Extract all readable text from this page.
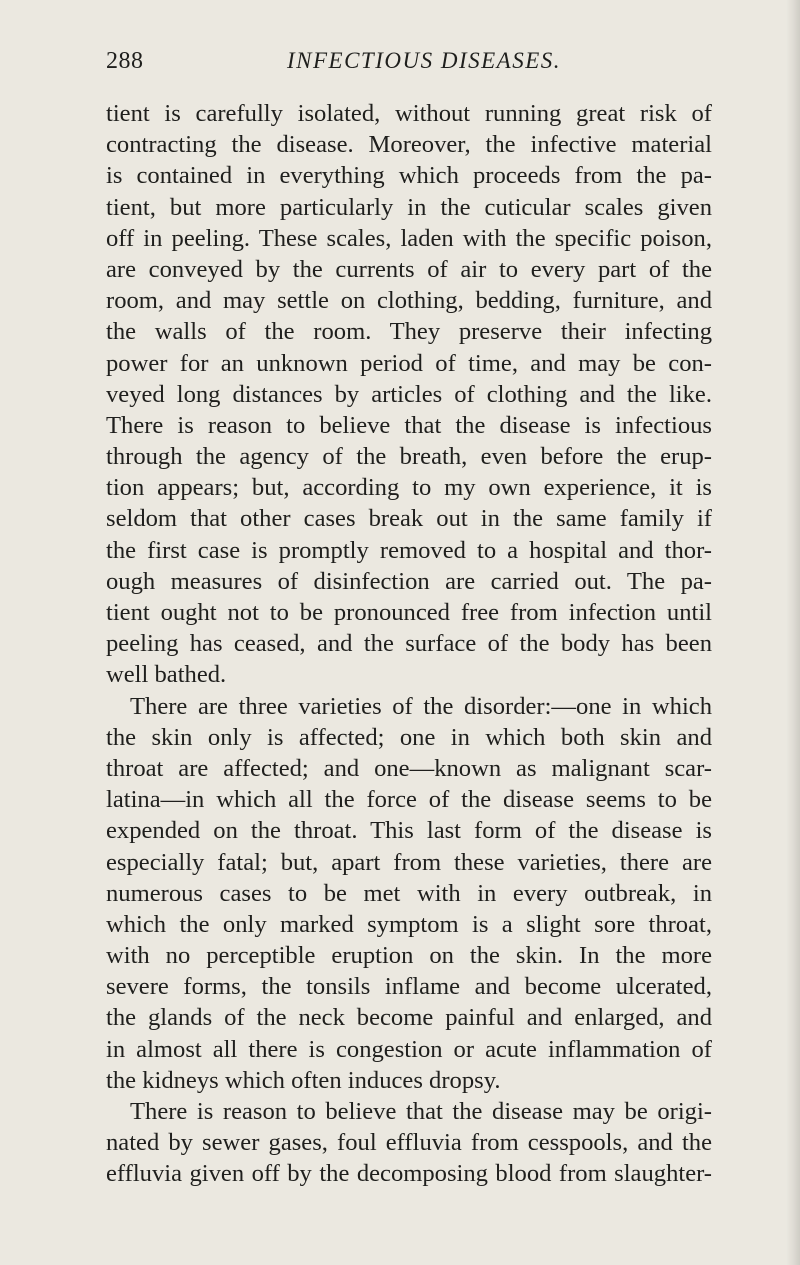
288	INFECTIOUS DISEASES.
tient is carefully isolated, without running great risk of
contracting the disease. Moreover, the infective material
is contained in everything which proceeds from the pa-
tient, but more particularly in the cuticular scales given
off in peeling. These scales, laden with the specific poison,
are conveyed by the currents of air to every part of the
room, and may settle on clothing, bedding, furniture, and
the walls of the room. They preserve their infecting
power for an unknown period of time, and may be con-
veyed long distances by articles of clothing and the like.
There is reason to believe that the disease is infectious
through the agency of the breath, even before the erup-
tion appears; but, according to my own experience, it is
seldom that other cases break out in the same family if
the first case is promptly removed to a hospital and thor-
ough measures of disinfection are carried out. The pa-
tient ought not to be pronounced free from infection until
peeling has ceased, and the surface of the body has been
well bathed.
There are three varieties of the disorder:—one in which
the skin only is affected; one in which both skin and
throat are affected; and one—known as malignant scar-
latina—in which all the force of the disease seems to be
expended on the throat. This last form of the disease is
especially fatal; but, apart from these varieties, there are
numerous cases to be met with in every outbreak, in
which the only marked symptom is a slight sore throat,
with no perceptible eruption on the skin. In the more
severe forms, the tonsils inflame and become ulcerated,
the glands of the neck become painful and enlarged, and
in almost all there is congestion or acute inflammation of
the kidneys which often induces dropsy.
There is reason to believe that the disease may be origi-
nated by sewer gases, foul effluvia from cesspools, and the
effluvia given off by the decomposing blood from slaughter-
